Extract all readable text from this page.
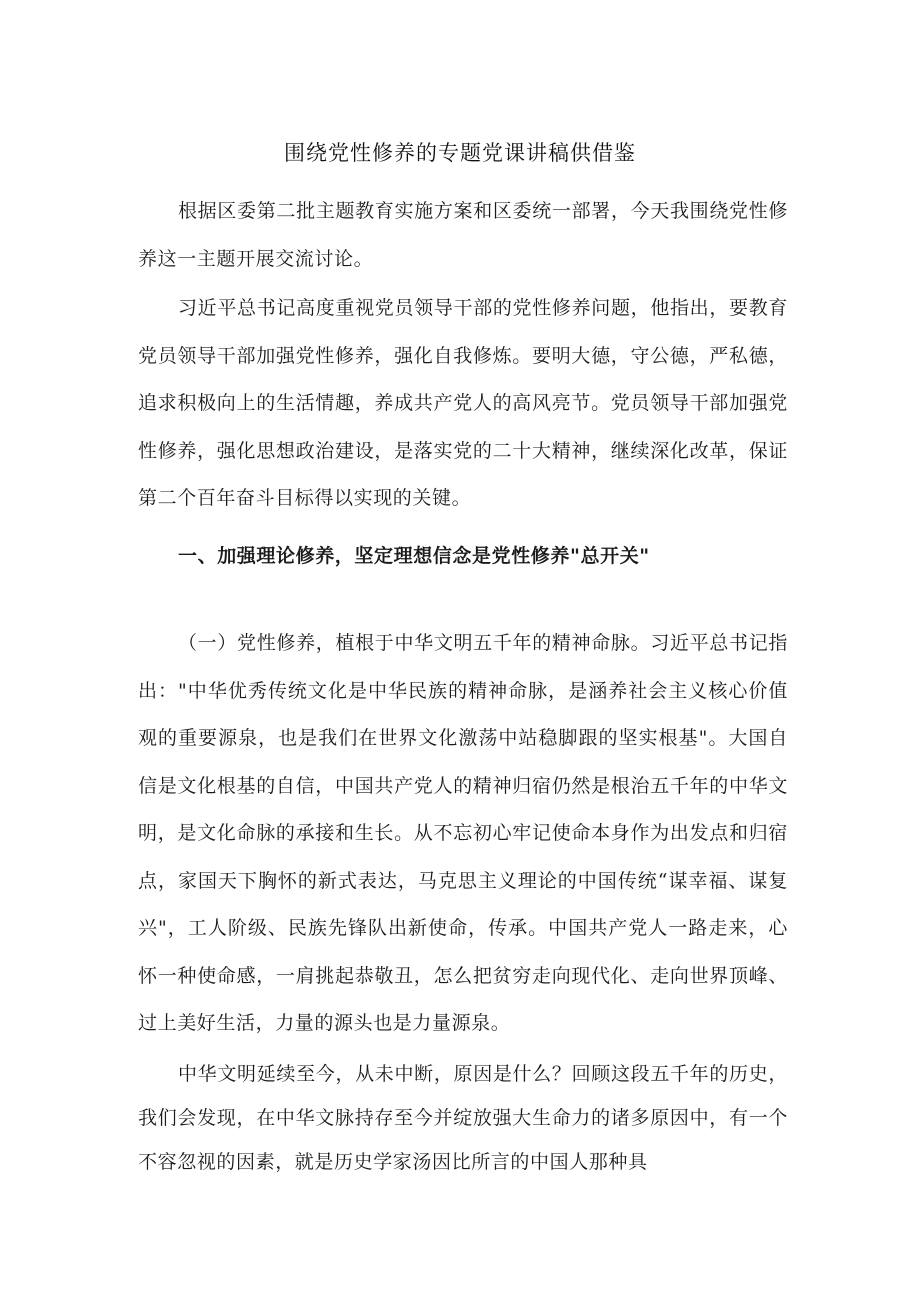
围绕党性修养的专题党课讲稿供借鉴

根据区委第二批主题教育实施方案和区委统一部署，今天我围绕党性修养这一主题开展交流讨论。

习近平总书记高度重视党员领导干部的党性修养问题，他指出，要教育党员领导干部加强党性修养，强化自我修炼。要明大德，守公德，严私德，追求积极向上的生活情趣，养成共产党人的高风亮节。党员领导干部加强党性修养，强化思想政治建设，是落实党的二十大精神，继续深化改革，保证第二个百年奋斗目标得以实现的关键。

一、加强理论修养，坚定理想信念是党性修养"总开关"

（一）党性修养，植根于中华文明五千年的精神命脉。习近平总书记指出："中华优秀传统文化是中华民族的精神命脉，是涵养社会主义核心价值观的重要源泉，也是我们在世界文化激荡中站稳脚跟的坚实根基"。大国自信是文化根基的自信，中国共产党人的精神归宿仍然是根治五千年的中华文明，是文化命脉的承接和生长。从不忘初心牢记使命本身作为出发点和归宿点，家国天下胸怀的新式表达，马克思主义理论的中国传统“谋幸福、谋复兴"，工人阶级、民族先锋队出新使命，传承。中国共产党人一路走来，心怀一种使命感，一肩挑起恭敬丑，怎么把贫穷走向现代化、走向世界顶峰、过上美好生活，力量的源头也是力量源泉。

中华文明延续至今，从未中断，原因是什么？回顾这段五千年的历史，我们会发现，在中华文脉持存至今并绽放强大生命力的诸多原因中，有一个不容忽视的因素，就是历史学家汤因比所言的中国人那种具
